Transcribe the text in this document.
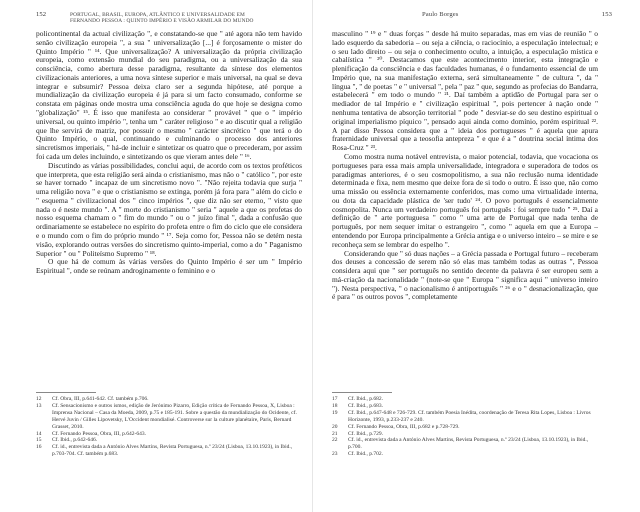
152	PORTUGAL, BRASIL, EUROPA, ATLÂNTICO E UNIVERSALIDADE EM FERNANDO PESSOA : QUINTO IMPÉRIO E VISÃO ARMILAR DO MUNDO

policontinental da actual civilização ", e constatando-se que " até agora não tem havido senão civilização europeia ", a sua " universalização [...] é forçosamente o mister do Quinto Império " ¹⁴. Que universalização? A universalização da própria civilização europeia, como extensão mundial do seu paradigma, ou a universalização da sua consciência, como abertura desse paradigma, resultante da síntese dos elementos civilizacionais anteriores, a uma nova síntese superior e mais universal, na qual se deva integrar e subsumir? Pessoa deixa claro ser a segunda hipótese, até porque a mundialização da civilização europeia é já para si um facto consumado, conforme se constata em páginas onde mostra uma consciência aguda do que hoje se designa como "globalização" ¹⁵. É isso que manifesta ao considerar " provável " que o " império universal, ou quinto império ", tenha um " caráter religioso " e ao discutir qual a religião que lhe servirá de matriz, por possuir o mesmo " carácter sincrético " que terá o do Quinto Império, o qual, continuando e culminando o processo dos anteriores sincretismos imperiais, " há-de incluir e sintetizar os quatro que o precederam, por assim foi cada um deles incluindo, e sintetizando os que vieram antes dele " ¹⁶.

Discutindo as várias possibilidades, conclui aqui, de acordo com os textos proféticos que interpreta, que esta religião será ainda o cristianismo, mas não o " católico ", por este se haver tornado " incapaz de um sincretismo novo ". "Não rejeita todavia que surja " uma religião nova " e que o cristianismo se extinga, porém já fora para " além do ciclo e " esquema " civilizacional dos " cinco impérios ", que diz não ser eterno, " visto que nada o é neste mundo ". A " morte do cristianismo " seria " aquele a que os profetas do nosso esquema chamam o " fim do mundo " ou o " juízo final ", dada a confusão que ordinariamente se estabelece no espírito do profeta entre o fim do ciclo que ele considera e o mundo com o fim do próprio mundo " ¹⁷. Seja como for, Pessoa não se detém nesta visão, explorando outras versões do sincretismo quinto-imperial, como a do " Paganismo Superior " ou " Politeísmo Supremo " ¹⁸.

O que há de comum às várias versões do Quinto Império é ser um " Império Espiritual ", onde se reúnam androginamente o feminino e o

12	Cf. Obra, III, p.641-642. Cf. também p.706.
13	Cf. Sensacionismo e outros ismos, edição de Jerónimo Pizarro, Edição crítica de Fernando Pessoa, X, Lisboa : Imprensa Nacional – Casa da Moeda, 2009, p.75 e 185-191. Sobre a questão da mundialização do Ocidente, cf. Hervé Juvin / Gilles Lipovetsky, L'Occident mondialisé. Controverse sur la culture planétaire, Paris, Bernard Grasset, 2010.
14	Cf. Fernando Pessoa, Obra, III, p.642-643.
15	Cf. Ibid., p.642-646.
16	Cf. id., entrevista dada a António Alves Martins, Revista Portuguesa, n.º 23/24 (Lisboa, 13.10.1923), in Ibid., p.703-704. Cf. também p.683.
Paulo Borges	153

masculino " ¹⁹ e " duas forças " desde há muito separadas, mas em vias de reunião " o lado esquerdo da sabedoria – ou seja a ciência, o raciocínio, a especulação intelectual; e o seu lado direito – ou seja o conhecimento oculto, a intuição, a especulação mística e cabalística " ²⁰. Destacamos que este acontecimento interior, esta integração e plenificação da consciência e das faculdades humanas, é o fundamento essencial de um Império que, na sua manifestação externa, será simultaneamente " de cultura ", da " língua ", " de poetas " e " universal ", pela " paz " que, segundo as profecias do Bandarra, estabelecerá " em todo o mundo " ²¹. Daí também a aptidão de Portugal para ser o mediador de tal Império e " civilização espiritual ", pois pertencer à nação onde " nenhuma tentativa de absorção territorial " pode " desviar-se do seu destino espiritual o original imperialismo píquico ", pensado aqui ainda como domínio, porém espiritual ²². A par disso Pessoa considera que a " ideia dos portugueses " é aquela que apura fraternidade universal que a teosofia antepreza " e que é a " doutrina social íntima dos Rosa-Cruz " ²³.

Como mostra numa notável entrevista, o maior potencial, todavia, que vocaciona os portugueses para essa mais ampla universalidade, integradora e superadora de todos os paradigmas anteriores, é o seu cosmopolitismo, a sua não reclusão numa identidade determinada e fixa, nem mesmo que deixe fora de si todo o outro. É isso que, não como uma missão ou essência externamente conferidos, mas como uma virtualidade interna, ou dota da capacidade plástica de 'ser tudo' ²⁴. O povo português é essencialmente cosmopolita. Nunca um verdadeiro português foi português : foi sempre tudo " ²⁵. Daí a definição de " arte portuguesa " como " uma arte de Portugal que nada tenha de português, por nem sequer imitar o estrangeiro ", como " aquela em que a Europa – entendendo por Europa principalmente a Grécia antiga e o universo inteiro – se mire e se reconheça sem se lembrar do espelho ".

Considerando que " só duas nações – a Grécia passada e Portugal futuro – receberam dos deuses a concessão de serem não só elas mas também todas as outras ", Pessoa considera aqui que " ser português no sentido decente da palavra é ser europeu sem a má-criação da nacionalidade " (note-se que " Europa " significa aqui " universo inteiro "). Nesta perspectiva, " o nacionalismo é antiportuguês " ²⁶ e o " desnacionalização, que é para " os outros povos ", completamente

17	Cf. Ibid., p.682.
18	Cf. Ibid., p.683.
19	Cf. Ibid., p.647-648 e 726-729. Cf. também Poesia Inédita, coordenação de Teresa Rita Lopes, Lisboa : Livros Horizonte, 1993, p.233-237 e 240.
20	Cf. Fernando Pessoa, Obra, III, p.682 e p.728-729.
21	Cf. Ibid., p.729.
22	Cf. id., entrevista dada a António Alves Martins, Revista Portuguesa, n.º 23/24 (Lisboa, 13.10.1923), in Ibid., p.700.
23	Cf. Ibid., p.702.
